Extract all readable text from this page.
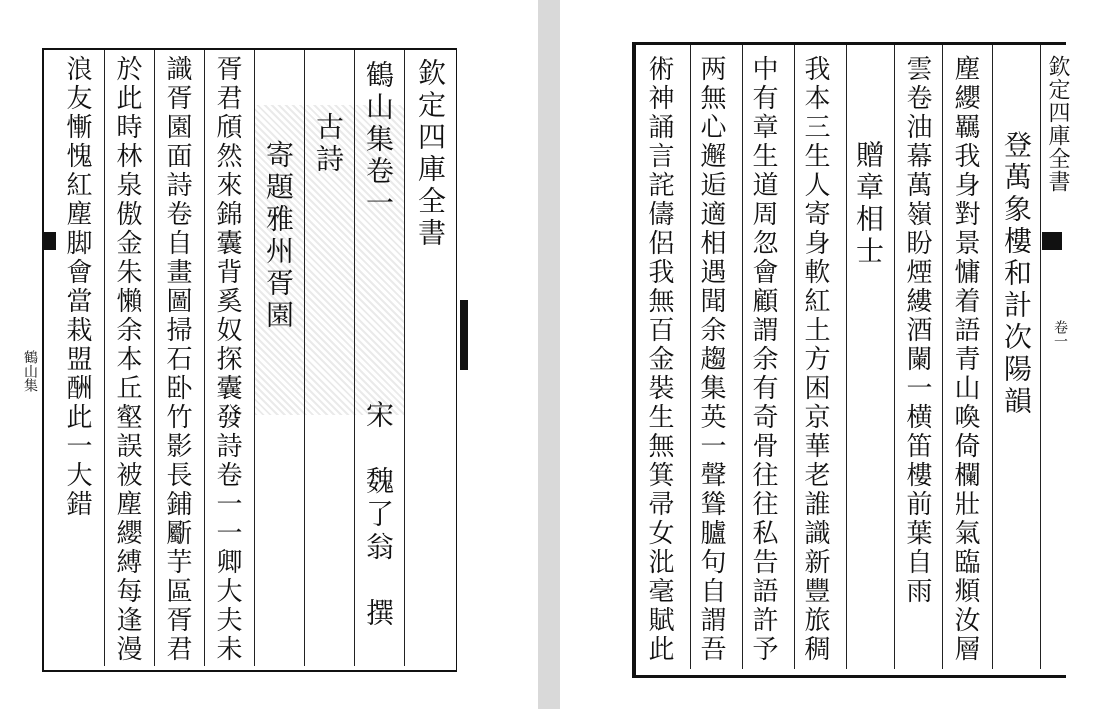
欽定四庫全書
鶴山集卷一
宋　魏了翁　撰
古詩
寄題雅州胥園
胥君頎然來錦囊背奚奴探囊發詩卷一一卿大夫未
識胥園面詩卷自畫圖掃石卧竹影長鋪斸芋區胥君
於此時林泉傲金朱懶余本丘壑誤被塵纓縛每逢漫
浪友慚愧紅塵脚會當栽盟酬此一大錯
鶴山集
欽定四庫全書
卷一
登萬象樓和計次陽韻
塵纓羈我身對景慵着語青山喚倚欄壯氣臨頫汝層
雲卷油幕萬嶺盼煙縷酒闌一横笛樓前葉自雨
贈章相士
我本三生人寄身軟紅土方困京華老誰識新豐旅稠
中有章生道周忽會顧謂余有奇骨往往私告語許予
两無心邂逅適相遇聞余趨集英一聲聳臚句自謂吾
術神誦言詫儔侶我無百金裝生無箕帚女沘毫賦此
